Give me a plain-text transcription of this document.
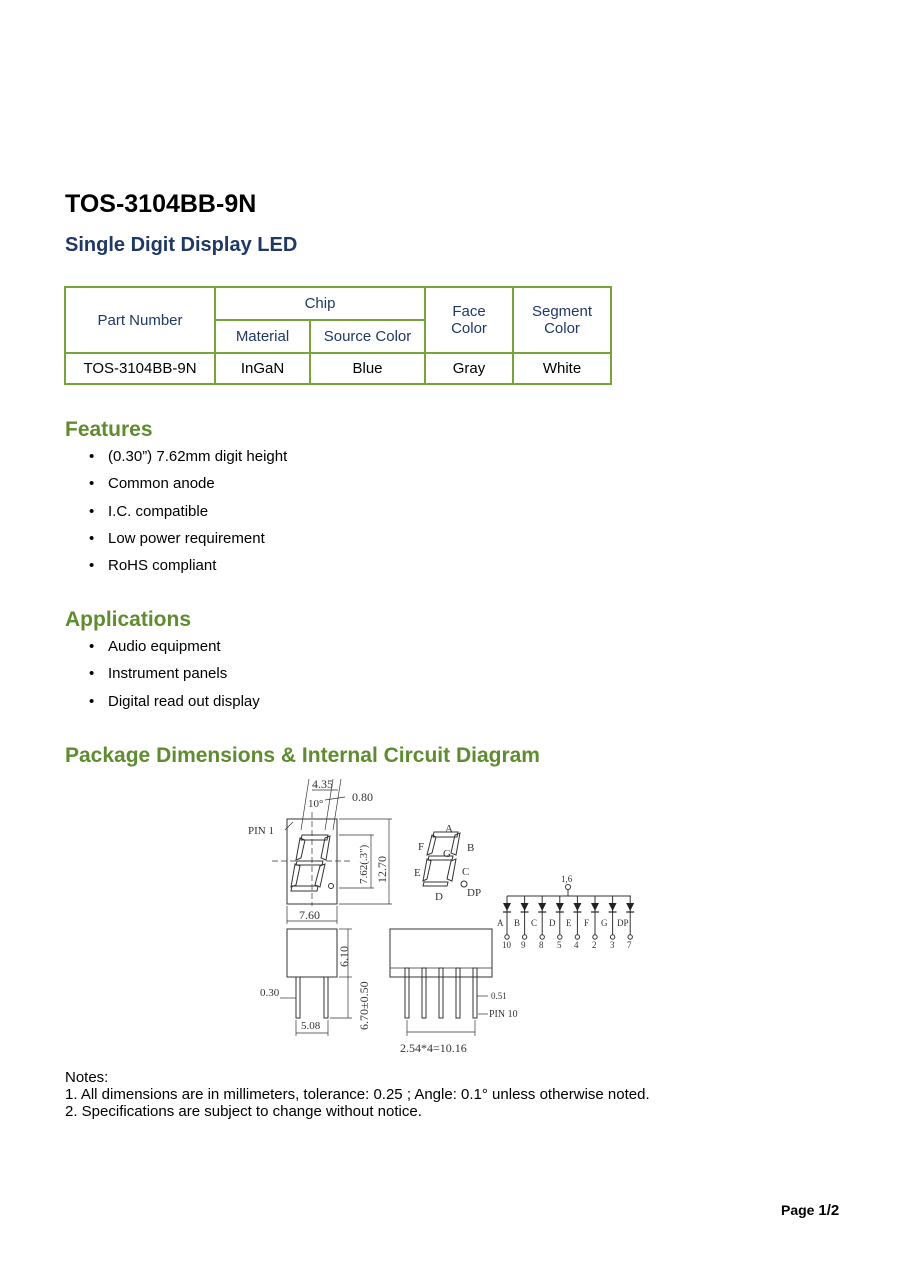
TOS-3104BB-9N
Single Digit Display LED
Part Number	Chip		Face Color	Segment Color

	Material	Source Color		
TOS-3104BB-9N	InGaN	Blue	Gray	White
Features
• (0.30”) 7.62mm digit height
• Common anode
• I.C. compatible
• Low power requirement
• RoHS compliant
Applications
• Audio equipment
• Instrument panels
• Digital read out display
Package Dimensions & Internal Circuit Diagram
4.35
0.80
10°
PIN 1
7.62(.3") 12.70
7.60
6.10
0.30	6.70±0.50
5.08
0.51
PIN 10
2.54*4=10.16
A
B
C
D
E
F
G
DP
1,6
A B C D E F G DP
10 9 8 5 4 2 3 7
Notes:
1. All dimensions are in millimeters, tolerance: 0.25 ; Angle: 0.1° unless otherwise noted.
2. Specifications are subject to change without notice.
Page 1/2
